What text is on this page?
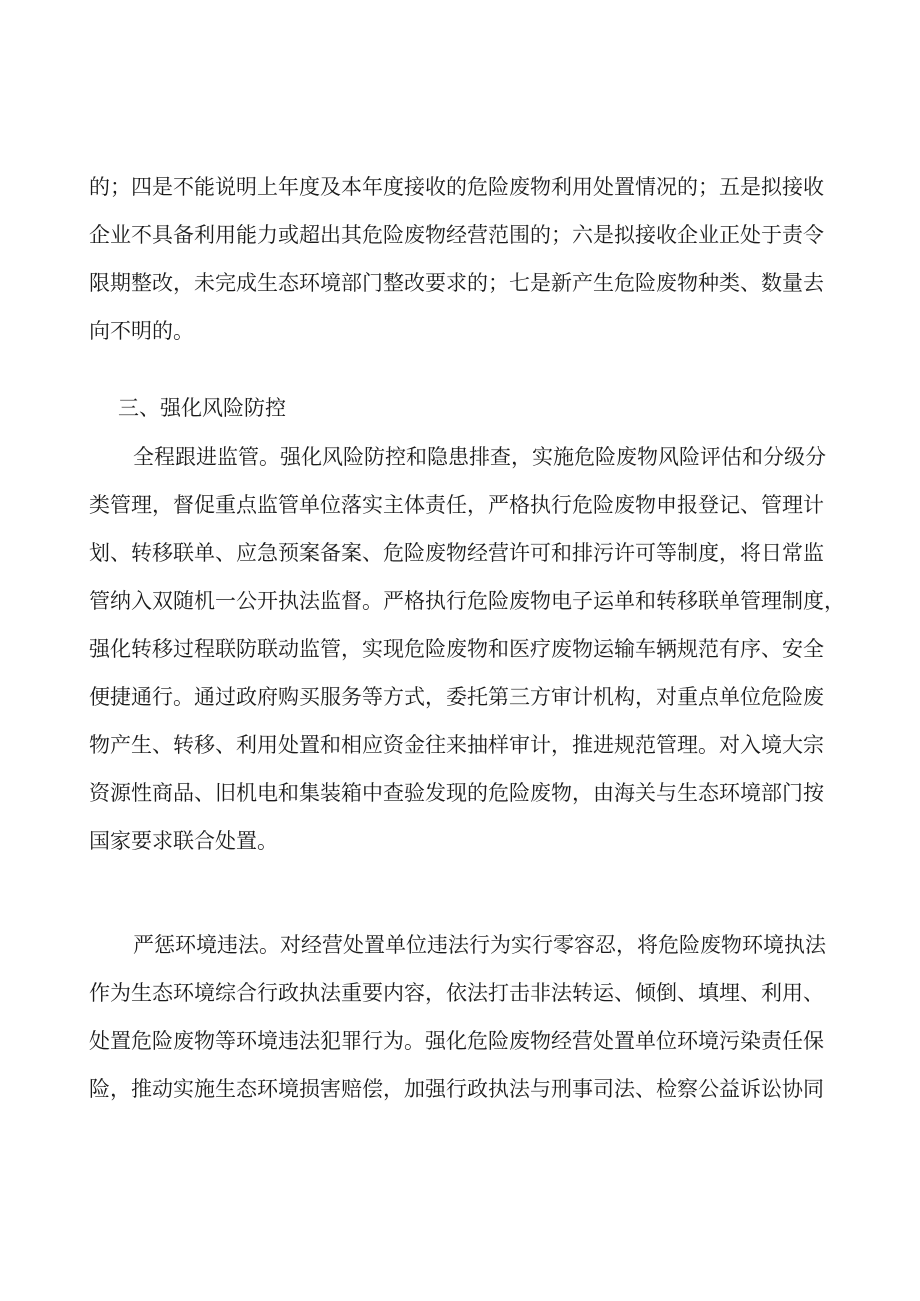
的；四是不能说明上年度及本年度接收的危险废物利用处置情况的；五是拟接收
企业不具备利用能力或超出其危险废物经营范围的；六是拟接收企业正处于责令
限期整改，未完成生态环境部门整改要求的；七是新产生危险废物种类、数量去
向不明的。
三、强化风险防控
全程跟进监管。强化风险防控和隐患排查，实施危险废物风险评估和分级分
类管理，督促重点监管单位落实主体责任，严格执行危险废物申报登记、管理计
划、转移联单、应急预案备案、危险废物经营许可和排污许可等制度，将日常监
管纳入双随机一公开执法监督。严格执行危险废物电子运单和转移联单管理制度，
强化转移过程联防联动监管，实现危险废物和医疗废物运输车辆规范有序、安全
便捷通行。通过政府购买服务等方式，委托第三方审计机构，对重点单位危险废
物产生、转移、利用处置和相应资金往来抽样审计，推进规范管理。对入境大宗
资源性商品、旧机电和集装箱中查验发现的危险废物，由海关与生态环境部门按
国家要求联合处置。
严惩环境违法。对经营处置单位违法行为实行零容忍，将危险废物环境执法
作为生态环境综合行政执法重要内容，依法打击非法转运、倾倒、填埋、利用、
处置危险废物等环境违法犯罪行为。强化危险废物经营处置单位环境污染责任保
险，推动实施生态环境损害赔偿，加强行政执法与刑事司法、检察公益诉讼协同
